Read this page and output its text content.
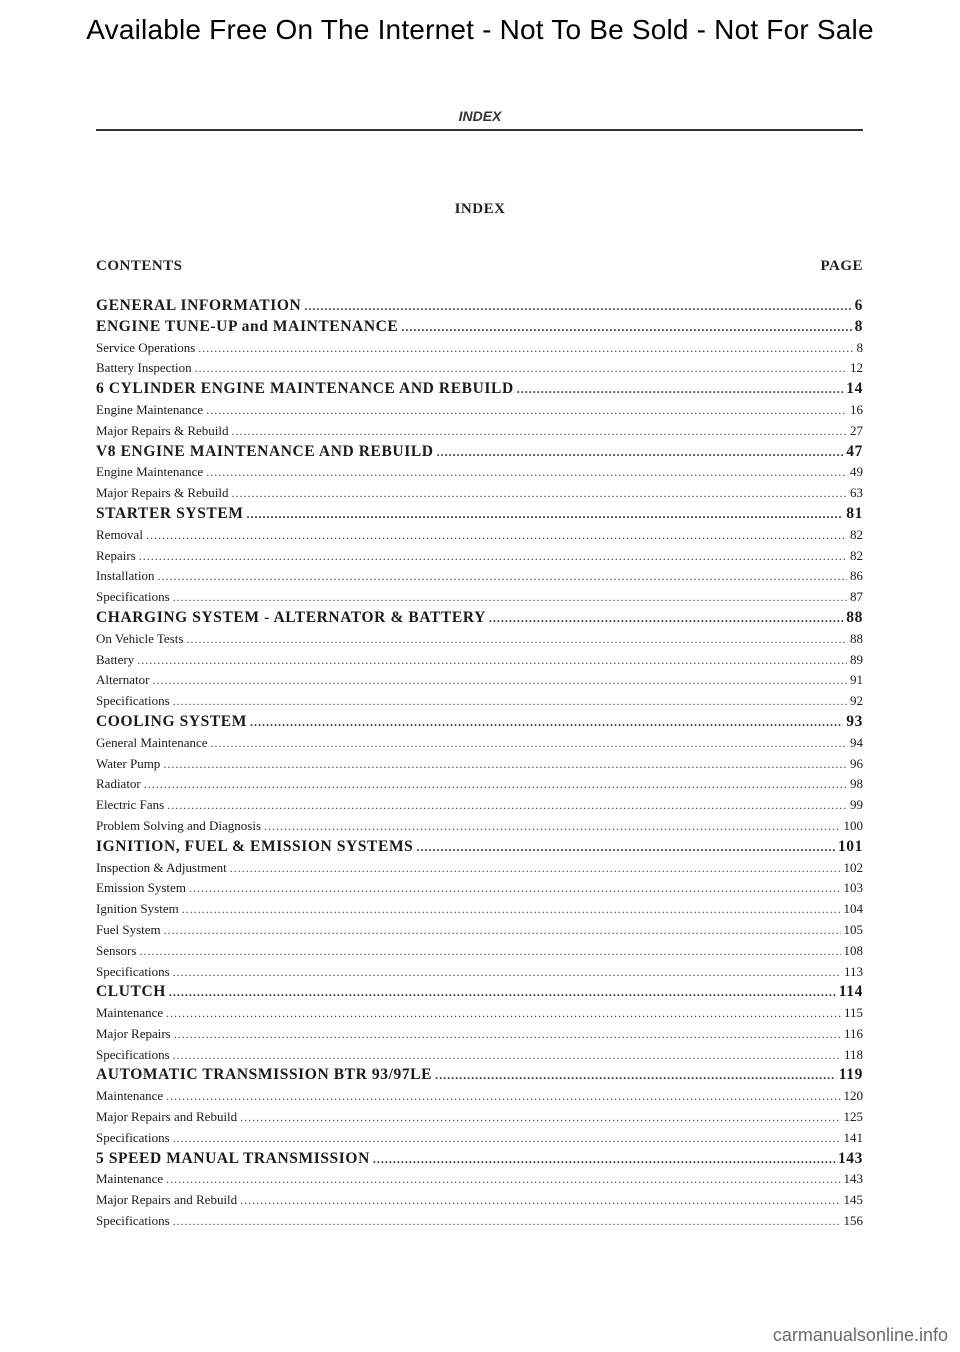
Available Free On The Internet - Not To Be Sold - Not For Sale
INDEX
INDEX
CONTENTS	PAGE
GENERAL INFORMATION .....	6
ENGINE TUNE-UP and MAINTENANCE .....	8
Service Operations .....	8
Battery Inspection .....	12
6 CYLINDER ENGINE MAINTENANCE AND REBUILD .....	14
Engine Maintenance .....	16
Major Repairs & Rebuild .....	27
V8 ENGINE MAINTENANCE AND REBUILD .....	47
Engine Maintenance .....	49
Major Repairs & Rebuild .....	63
STARTER SYSTEM .....	81
Removal .....	82
Repairs .....	82
Installation .....	86
Specifications .....	87
CHARGING SYSTEM - ALTERNATOR & BATTERY .....	88
On Vehicle Tests .....	88
Battery .....	89
Alternator .....	91
Specifications .....	92
COOLING SYSTEM .....	93
General Maintenance .....	94
Water Pump .....	96
Radiator .....	98
Electric Fans .....	99
Problem Solving and Diagnosis .....	100
IGNITION, FUEL & EMISSION SYSTEMS .....	101
Inspection & Adjustment .....	102
Emission System .....	103
Ignition System .....	104
Fuel System .....	105
Sensors .....	108
Specifications .....	113
CLUTCH .....	114
Maintenance .....	115
Major Repairs .....	116
Specifications .....	118
AUTOMATIC TRANSMISSION BTR 93/97LE .....	119
Maintenance .....	120
Major Repairs and Rebuild .....	125
Specifications .....	141
5 SPEED MANUAL TRANSMISSION .....	143
Maintenance .....	143
Major Repairs and Rebuild .....	145
Specifications .....	156
carmanualsonline.info
